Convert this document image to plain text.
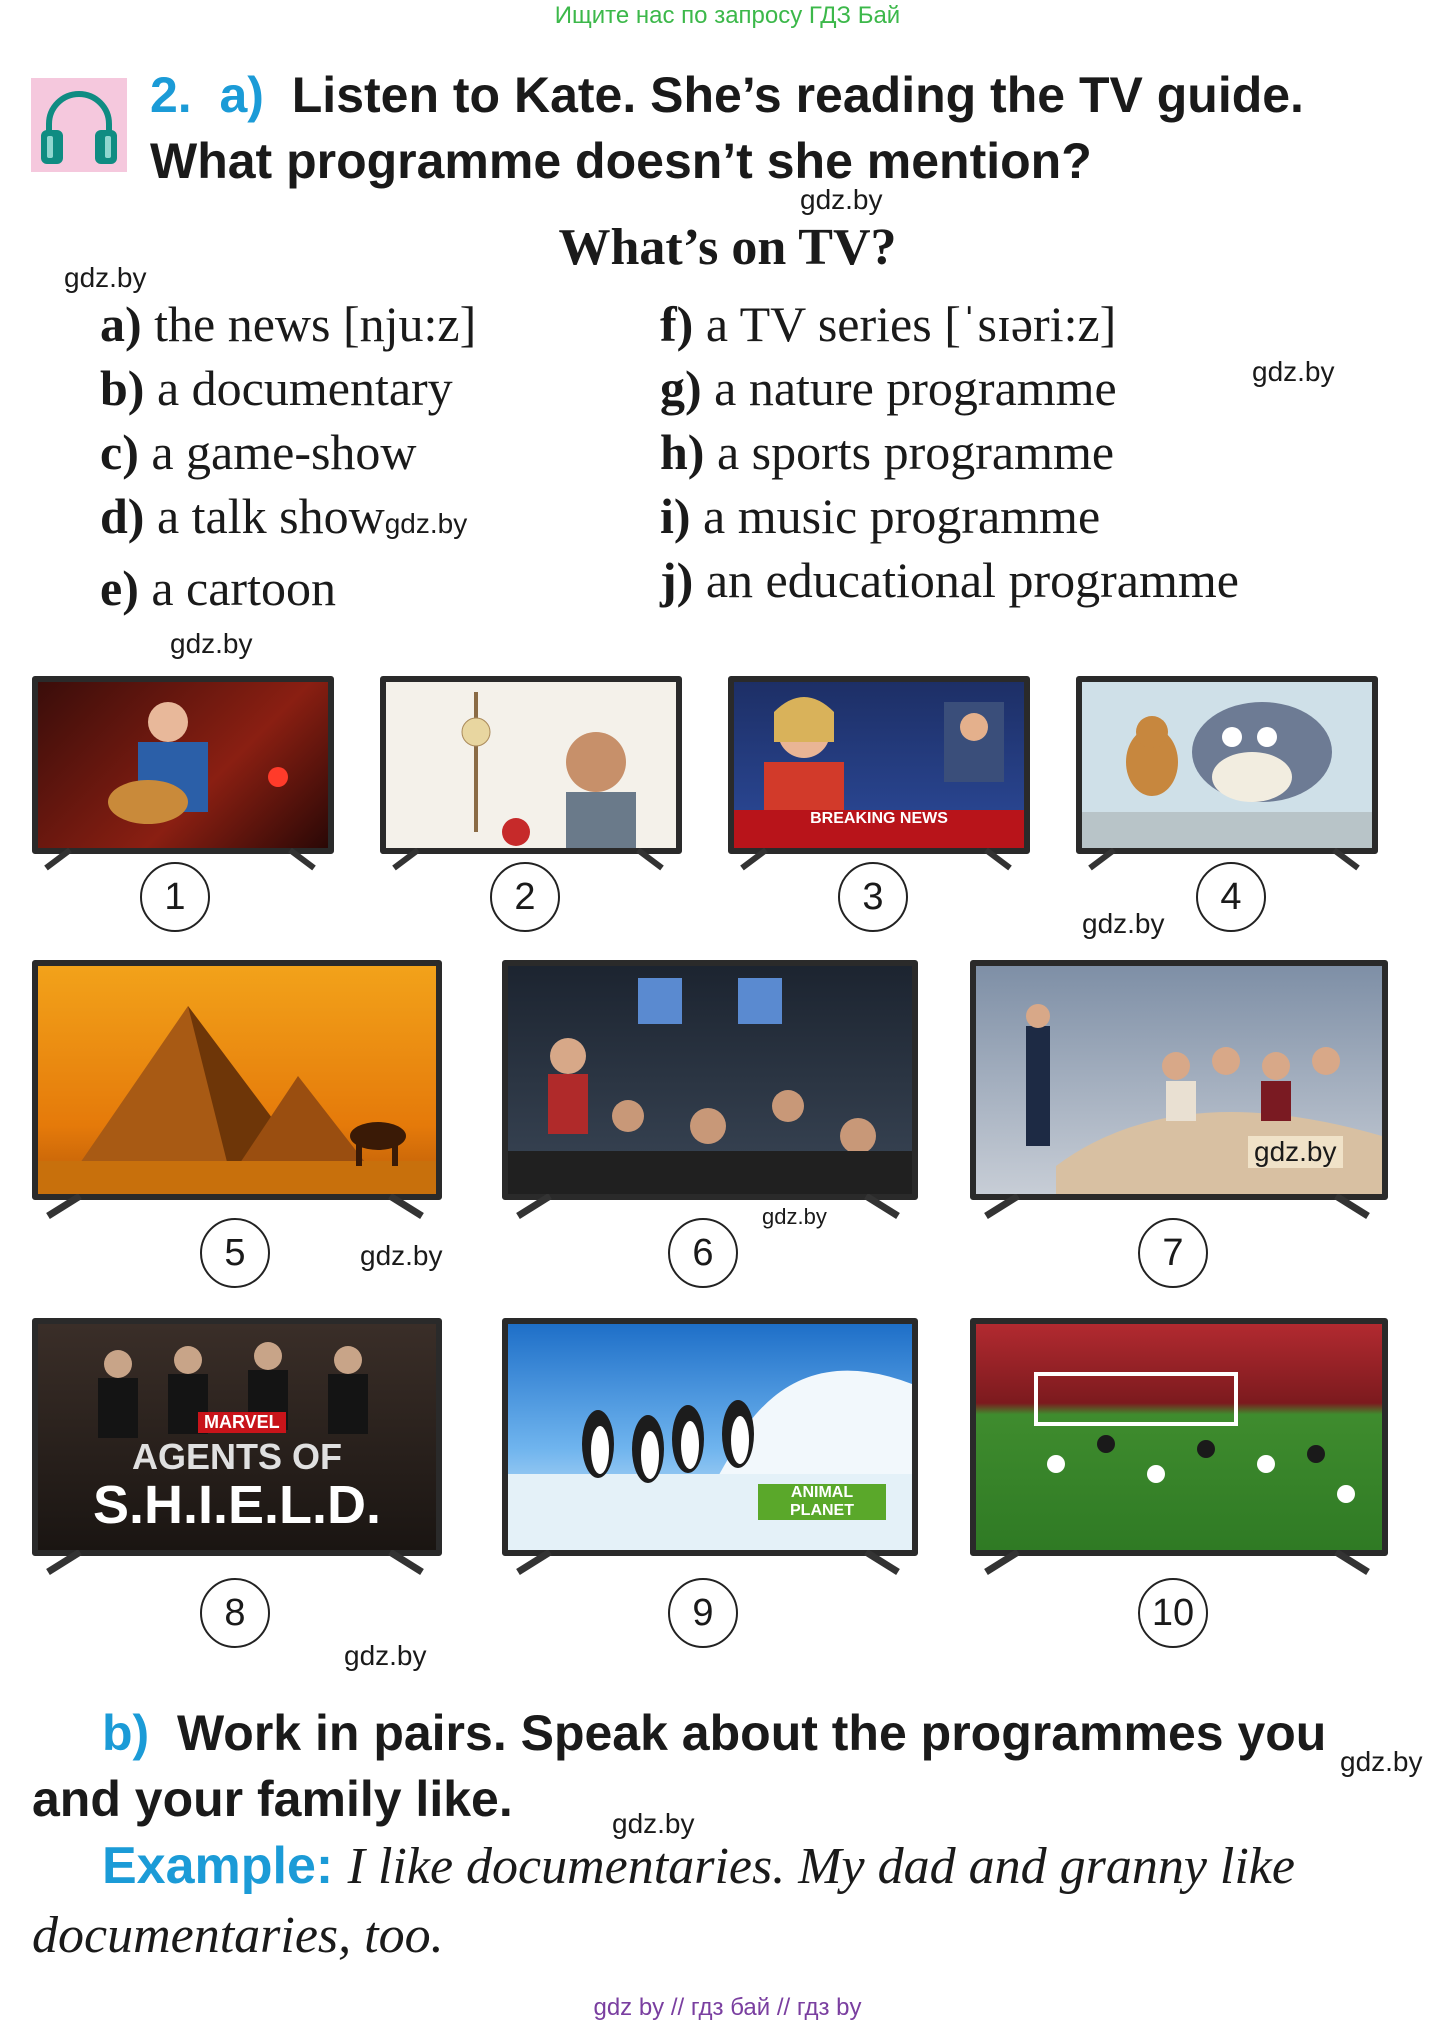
Ищите нас по запросу ГДЗ Бай
2. a) Listen to Kate. She’s reading the TV guide. What programme doesn’t she mention?
gdz.by
What’s on TV?
gdz.by
a) the news [nju:z]
b) a documentary
c) a game-show
d) a talk showgdz.by
e) a cartoon
f) a TV series [ˈsɪəri:z]
g) a nature programme
h) a sports programme
i) a music programme
j) an educational programme
gdz.by
gdz.by
1	2
BREAKING NEWS
3	4
gdz.by
5	gdz.by	6
gdz.by
gdz.by
7
MARVEL
AGENTS OF
S.H.I.E.L.D.
8
gdz.by
ANIMAL PLANET
9	10
b) Work in pairs. Speak about the programmes you and your family like.
gdz.by
gdz.by
Example: I like documentaries. My dad and granny like documentaries, too.
gdz by // гдз бай // гдз by
